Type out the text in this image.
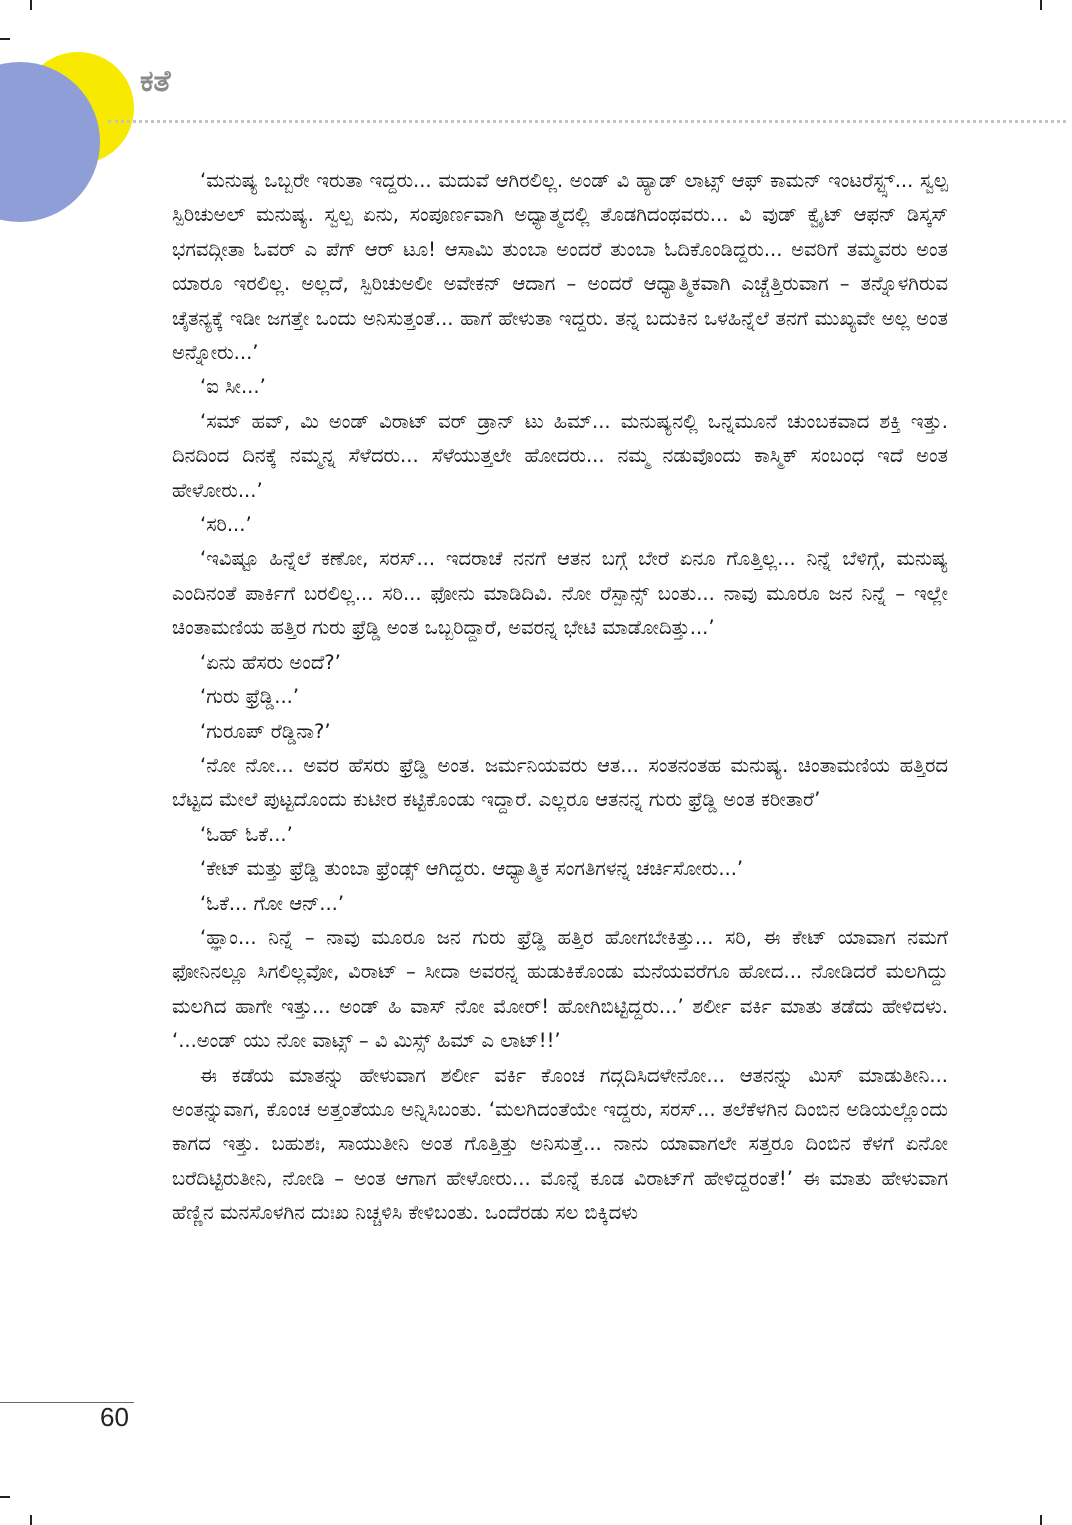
ಕತೆ

‘ಮನುಷ್ಯ ಒಬ್ಬರೇ ಇರುತಾ ಇದ್ದರು... ಮದುವೆ ಆಗಿರಲಿಲ್ಲ. ಅಂಡ್ ವಿ ಹ್ಯಾಡ್ ಲಾಟ್ಸ್ ಆಫ್ ಕಾಮನ್ ಇಂಟರೆಸ್ಟ್ಸ್... ಸ್ವಲ್ಪ ಸ್ಪಿರಿಚುಅಲ್ ಮನುಷ್ಯ. ಸ್ವಲ್ಪ ಏನು, ಸಂಪೂರ್ಣವಾಗಿ ಅಧ್ಯಾತ್ಮದಲ್ಲಿ ತೊಡಗಿದಂಥವರು... ವಿ ವುಡ್ ಕ್ವೈಟ್ ಆಫನ್ ಡಿಸ್ಕಸ್ ಭಗವದ್ಗೀತಾ ಓವರ್ ಎ ಪೆಗ್ ಆರ್ ಟೂ! ಆಸಾಮಿ ತುಂಬಾ ಅಂದರೆ ತುಂಬಾ ಓದಿಕೊಂಡಿದ್ದರು... ಅವರಿಗೆ ತಮ್ಮವರು ಅಂತ ಯಾರೂ ಇರಲಿಲ್ಲ. ಅಲ್ಲದೆ, ಸ್ಪಿರಿಚುಅಲೀ ಅವೇಕನ್ ಆದಾಗ – ಅಂದರೆ ಆಧ್ಯಾತ್ಮಿಕವಾಗಿ ಎಚ್ಚೆತ್ತಿರುವಾಗ – ತನ್ನೊಳಗಿರುವ ಚೈತನ್ಯಕ್ಕೆ ಇಡೀ ಜಗತ್ತೇ ಒಂದು ಅನಿಸುತ್ತಂತೆ... ಹಾಗೆ ಹೇಳುತಾ ಇದ್ದರು. ತನ್ನ ಬದುಕಿನ ಒಳಹಿನ್ನೆಲೆ ತನಗೆ ಮುಖ್ಯವೇ ಅಲ್ಲ ಅಂತ ಅನ್ನೋರು...’

‘ಐ ಸೀ...’

‘ಸಮ್ ಹವ್, ಮಿ ಅಂಡ್ ವಿರಾಟ್ ವರ್ ಡ್ರಾನ್ ಟು ಹಿಮ್... ಮನುಷ್ಯನಲ್ಲಿ ಒನ್ನಮೂನೆ ಚುಂಬಕವಾದ ಶಕ್ತಿ ಇತ್ತು. ದಿನದಿಂದ ದಿನಕ್ಕೆ ನಮ್ಮನ್ನ ಸೆಳೆದರು... ಸೆಳೆಯುತ್ತಲೇ ಹೋದರು... ನಮ್ಮ ನಡುವೊಂದು ಕಾಸ್ಮಿಕ್ ಸಂಬಂಧ ಇದೆ ಅಂತ ಹೇಳೋರು...’

‘ಸರಿ...’

‘ಇವಿಷ್ಟೂ ಹಿನ್ನೆಲೆ ಕಣೋ, ಸರಸ್... ಇದರಾಚೆ ನನಗೆ ಆತನ ಬಗ್ಗೆ ಬೇರೆ ಏನೂ ಗೊತ್ತಿಲ್ಲ... ನಿನ್ನೆ ಬೆಳಿಗ್ಗೆ, ಮನುಷ್ಯ ಎಂದಿನಂತೆ ಪಾರ್ಕಿಗೆ ಬರಲಿಲ್ಲ... ಸರಿ... ಫೋನು ಮಾಡಿದಿವಿ. ನೋ ರೆಸ್ಪಾನ್ಸ್ ಬಂತು... ನಾವು ಮೂರೂ ಜನ ನಿನ್ನೆ – ಇಲ್ಲೇ ಚಿಂತಾಮಣಿಯ ಹತ್ತಿರ ಗುರು ಫ್ರೆಡ್ಡಿ ಅಂತ ಒಬ್ಬರಿದ್ದಾರೆ, ಅವರನ್ನ ಭೇಟಿ ಮಾಡೋದಿತ್ತು...’

‘ಏನು ಹೆಸರು ಅಂದೆ?’

‘ಗುರು ಫ್ರೆಡ್ಡಿ...’

‘ಗುರೂಪ್ ರೆಡ್ಡಿನಾ?’

‘ನೋ ನೋ... ಅವರ ಹೆಸರು ಫ್ರೆಡ್ಡಿ ಅಂತ. ಜರ್ಮನಿಯವರು ಆತ... ಸಂತನಂತಹ ಮನುಷ್ಯ. ಚಿಂತಾಮಣಿಯ ಹತ್ತಿರದ ಬೆಟ್ಟದ ಮೇಲೆ ಪುಟ್ಟದೊಂದು ಕುಟೀರ ಕಟ್ಟಿಕೊಂಡು ಇದ್ದಾರೆ. ಎಲ್ಲರೂ ಆತನನ್ನ ಗುರು ಫ್ರೆಡ್ಡಿ ಅಂತ ಕರೀತಾರೆ’

‘ಓಹ್ ಓಕೆ...’

‘ಕೇಟ್ ಮತ್ತು ಫ್ರೆಡ್ಡಿ ತುಂಬಾ ಫ್ರೆಂಡ್ಸ್ ಆಗಿದ್ದರು. ಆಧ್ಯಾತ್ಮಿಕ ಸಂಗತಿಗಳನ್ನ ಚರ್ಚಿಸೋರು...’

‘ಓಕೆ... ಗೋ ಆನ್...’

‘ಹ್ಞಾಂ... ನಿನ್ನೆ – ನಾವು ಮೂರೂ ಜನ ಗುರು ಫ್ರೆಡ್ಡಿ ಹತ್ತಿರ ಹೋಗಬೇಕಿತ್ತು... ಸರಿ, ಈ ಕೇಟ್ ಯಾವಾಗ ನಮಗೆ ಫೋನಿನಲ್ಲೂ ಸಿಗಲಿಲ್ಲವೋ, ವಿರಾಟ್ – ಸೀದಾ ಅವರನ್ನ ಹುಡುಕಿಕೊಂಡು ಮನೆಯವರೆಗೂ ಹೋದ... ನೋಡಿದರೆ ಮಲಗಿದ್ದು ಮಲಗಿದ ಹಾಗೇ ಇತ್ತು... ಅಂಡ್ ಹಿ ವಾಸ್ ನೋ ಮೋರ್! ಹೋಗಿಬಿಟ್ಟಿದ್ದರು...’ ಶರ್ಲೀ ವರ್ಕಿ ಮಾತು ತಡೆದು ಹೇಳಿದಳು. ‘...ಅಂಡ್ ಯು ನೋ ವಾಟ್ಸ್ – ವಿ ಮಿಸ್ಸ್ ಹಿಮ್ ಎ ಲಾಟ್!!’

ಈ ಕಡೆಯ ಮಾತನ್ನು ಹೇಳುವಾಗ ಶರ್ಲೀ ವರ್ಕಿ ಕೊಂಚ ಗದ್ಗದಿಸಿದಳೇನೋ... ಆತನನ್ನು ಮಿಸ್ ಮಾಡುತೀನಿ... ಅಂತನ್ನುವಾಗ, ಕೊಂಚ ಅತ್ತಂತೆಯೂ ಅನ್ನಿಸಿಬಂತು. ‘ಮಲಗಿದಂತೆಯೇ ಇದ್ದರು, ಸರಸ್... ತಲೆಕೆಳಗಿನ ದಿಂಬಿನ ಅಡಿಯಲ್ಲೊಂದು ಕಾಗದ ಇತ್ತು. ಬಹುಶಃ, ಸಾಯುತೀನಿ ಅಂತ ಗೊತ್ತಿತ್ತು ಅನಿಸುತ್ತೆ... ನಾನು ಯಾವಾಗಲೇ ಸತ್ತರೂ ದಿಂಬಿನ ಕೆಳಗೆ ಏನೋ ಬರೆದಿಟ್ಟಿರುತೀನಿ, ನೋಡಿ – ಅಂತ ಆಗಾಗ ಹೇಳೋರು... ಮೊನ್ನೆ ಕೂಡ ವಿರಾಟ್‌ಗೆ ಹೇಳಿದ್ದರಂತೆ!’ ಈ ಮಾತು ಹೇಳುವಾಗ ಹೆಣ್ಣಿನ ಮನಸೊಳಗಿನ ದುಃಖ ನಿಚ್ಚಳಿಸಿ ಕೇಳಿಬಂತು. ಒಂದೆರಡು ಸಲ ಬಿಕ್ಕಿದಳು

60
